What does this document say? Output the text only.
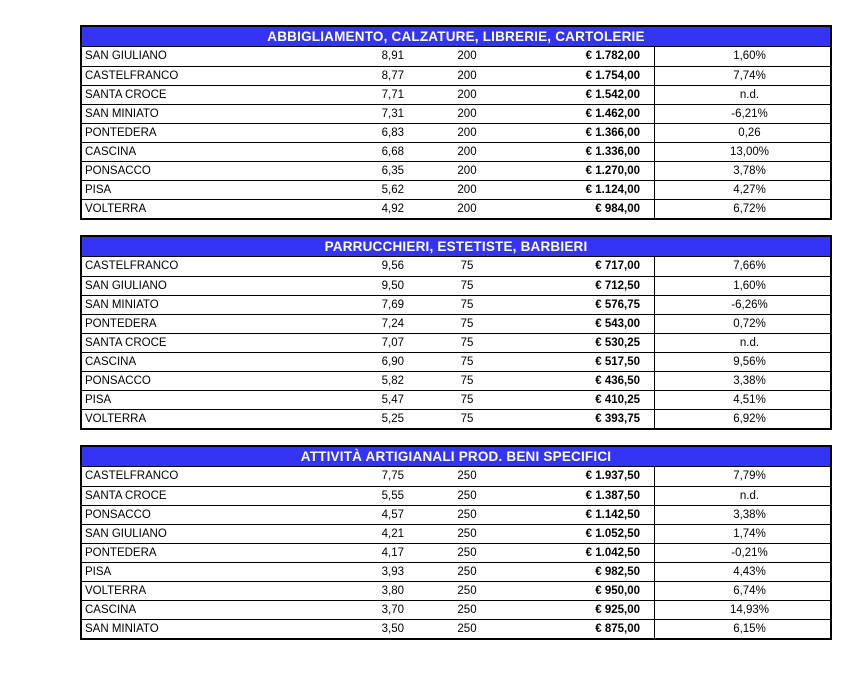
ABBIGLIAMENTO, CALZATURE, LIBRERIE, CARTOLERIE
SAN GIULIANO	8,91	200	€ 1.782,00	1,60%
CASTELFRANCO	8,77	200	€ 1.754,00	7,74%
SANTA CROCE	7,71	200	€ 1.542,00	n.d.
SAN MINIATO	7,31	200	€ 1.462,00	-6,21%
PONTEDERA	6,83	200	€ 1.366,00	0,26
CASCINA	6,68	200	€ 1.336,00	13,00%
PONSACCO	6,35	200	€ 1.270,00	3,78%
PISA	5,62	200	€ 1.124,00	4,27%
VOLTERRA	4,92	200	€ 984,00	6,72%
PARRUCCHIERI, ESTETISTE, BARBIERI
CASTELFRANCO	9,56	75	€ 717,00	7,66%
SAN GIULIANO	9,50	75	€ 712,50	1,60%
SAN MINIATO	7,69	75	€ 576,75	-6,26%
PONTEDERA	7,24	75	€ 543,00	0,72%
SANTA CROCE	7,07	75	€ 530,25	n.d.
CASCINA	6,90	75	€ 517,50	9,56%
PONSACCO	5,82	75	€ 436,50	3,38%
PISA	5,47	75	€ 410,25	4,51%
VOLTERRA	5,25	75	€ 393,75	6,92%
ATTIVITÀ ARTIGIANALI PROD. BENI SPECIFICI
CASTELFRANCO	7,75	250	€ 1.937,50	7,79%
SANTA CROCE	5,55	250	€ 1.387,50	n.d.
PONSACCO	4,57	250	€ 1.142,50	3,38%
SAN GIULIANO	4,21	250	€ 1.052,50	1,74%
PONTEDERA	4,17	250	€ 1.042,50	-0,21%
PISA	3,93	250	€ 982,50	4,43%
VOLTERRA	3,80	250	€ 950,00	6,74%
CASCINA	3,70	250	€ 925,00	14,93%
SAN MINIATO	3,50	250	€ 875,00	6,15%
